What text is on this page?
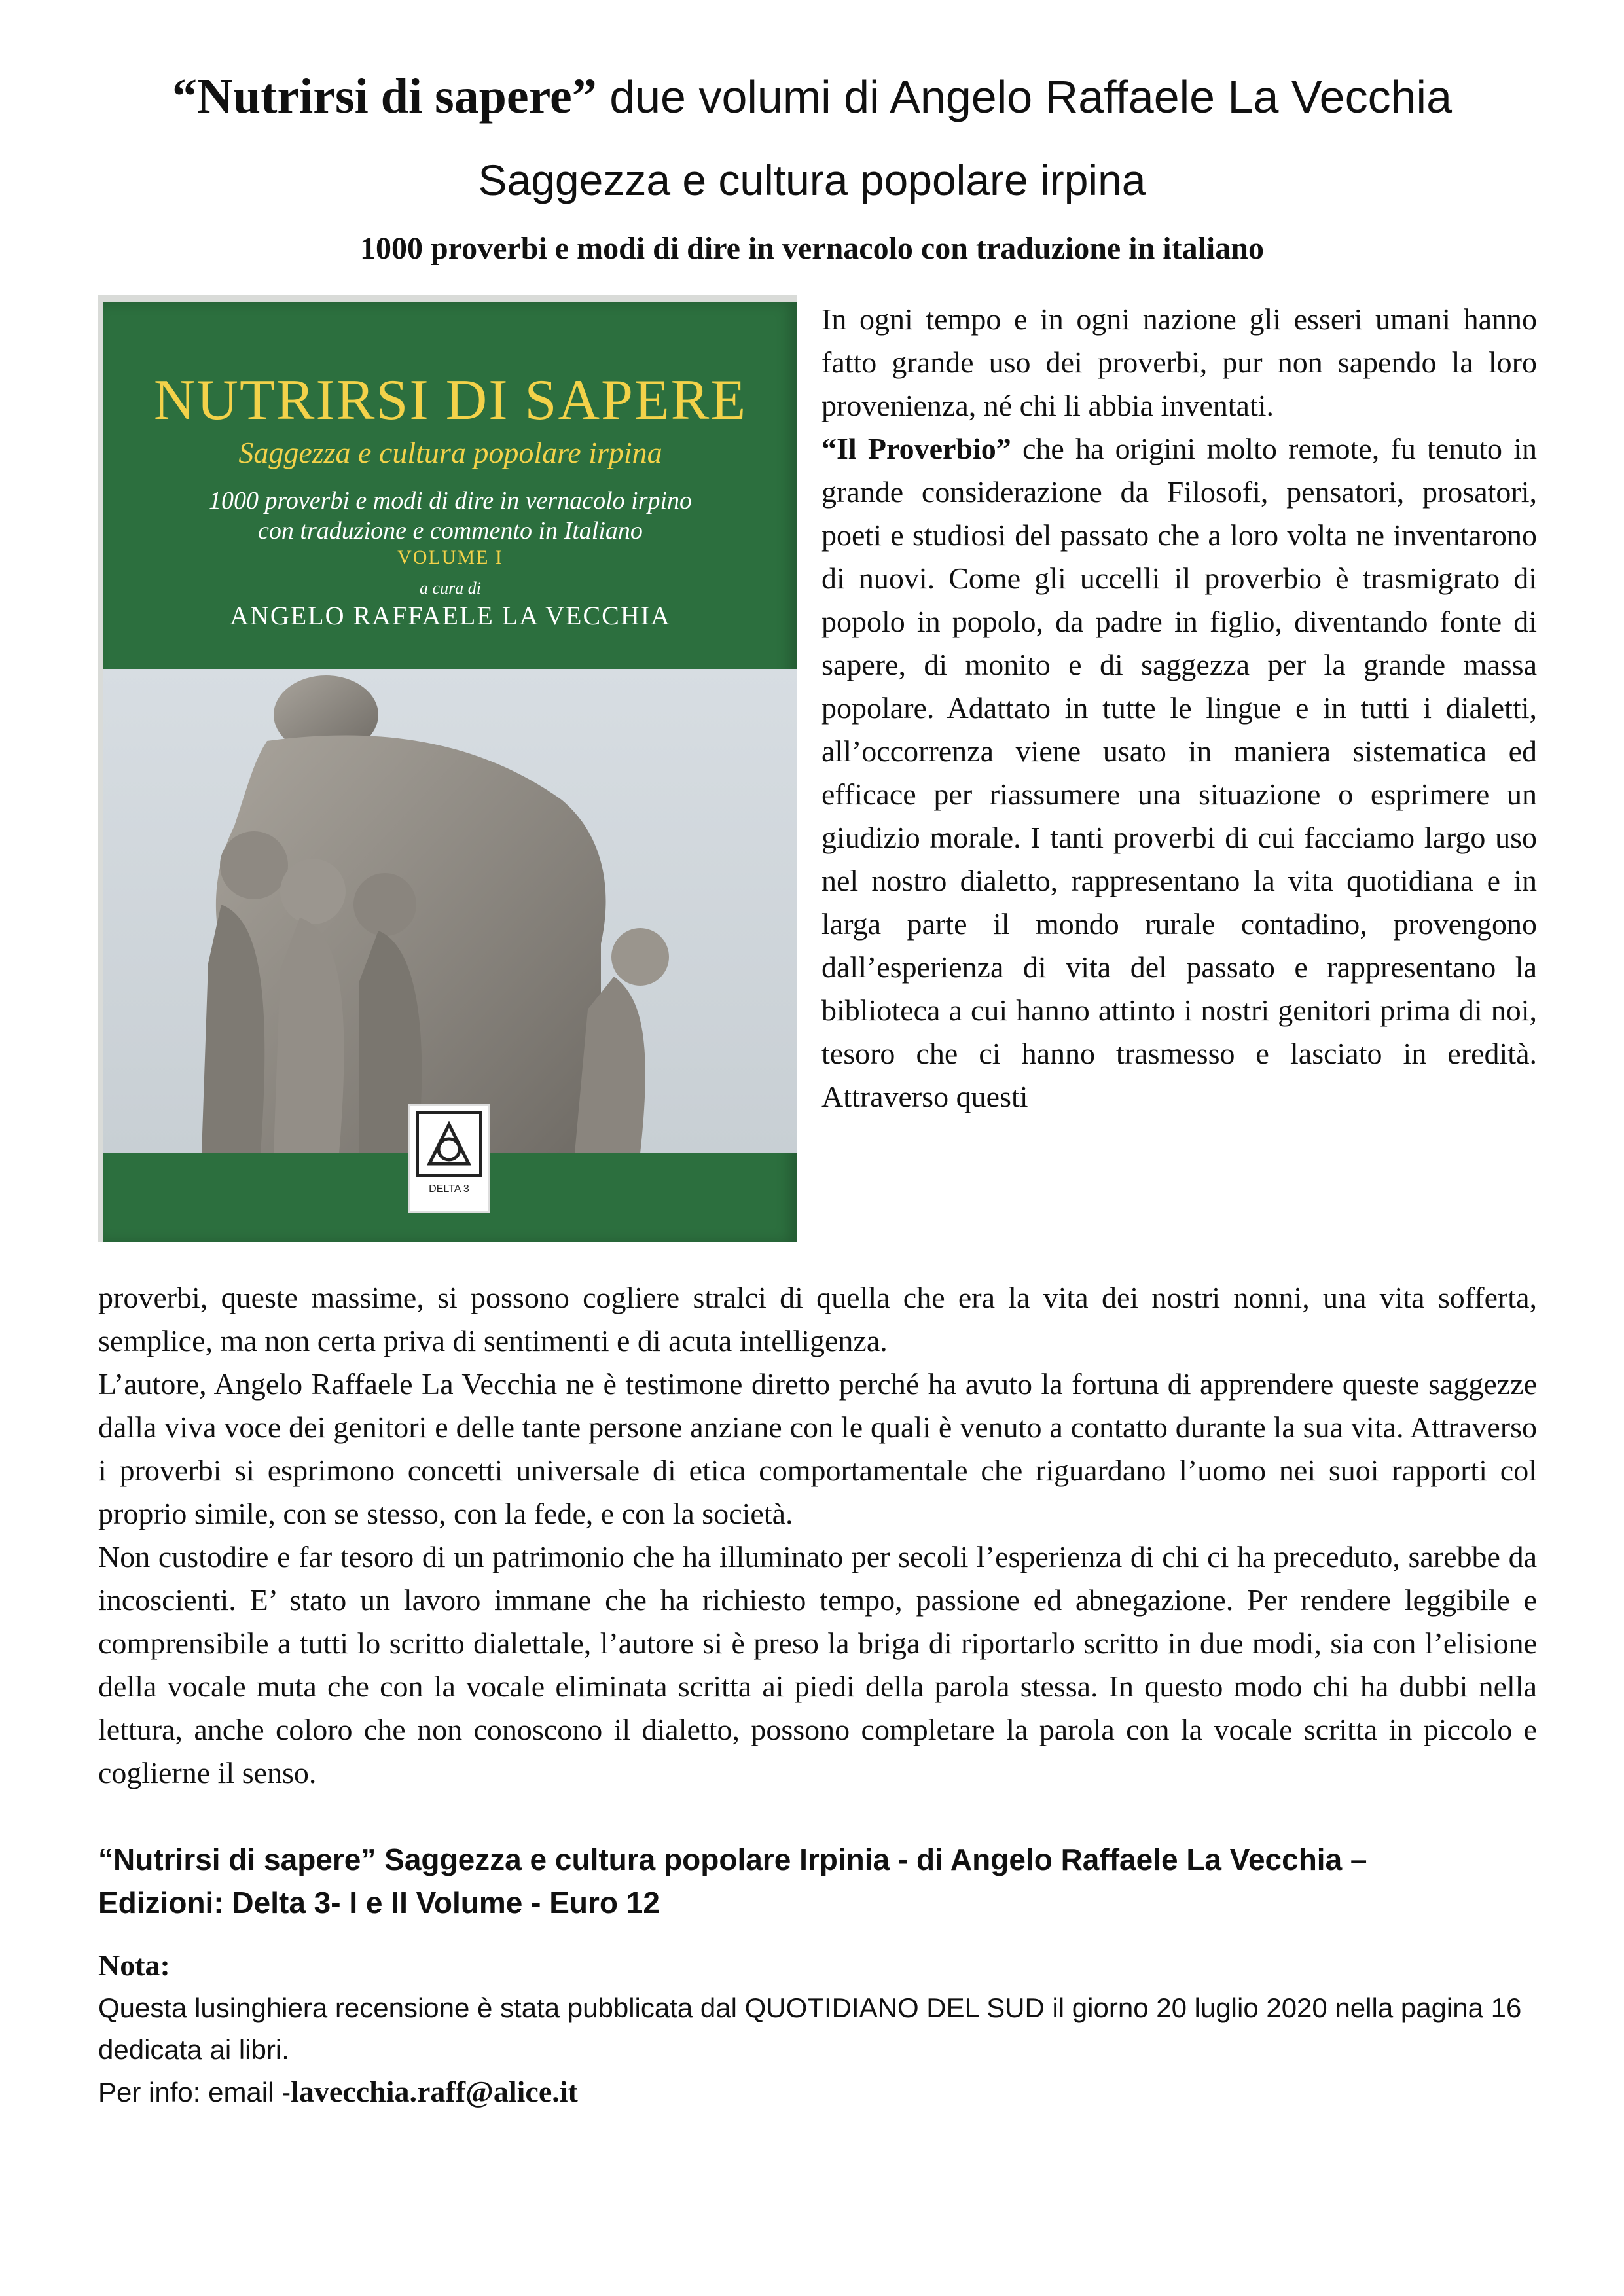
“Nutrirsi di sapere” due volumi di Angelo Raffaele La Vecchia
Saggezza e cultura popolare irpina
1000 proverbi e modi di dire in vernacolo con traduzione in italiano
NUTRIRSI DI SAPERE
Saggezza e cultura popolare irpina
1000 proverbi e modi di dire in vernacolo irpino
con traduzione e commento in Italiano
VOLUME I
a cura di
ANGELO RAFFAELE LA VECCHIA
DELTA 3

In ogni tempo e in ogni nazione gli esseri umani hanno fatto grande uso dei proverbi, pur non sapendo la loro provenienza, né chi li abbia inventati.

“Il Proverbio” che ha origini molto remote, fu tenuto in grande considerazione da Filosofi, pensatori, prosatori, poeti e studiosi del passato che a loro volta ne inventarono di nuovi. Come gli uccelli il proverbio è trasmigrato di popolo in popolo, da padre in figlio, diventando fonte di sapere, di monito e di saggezza per la grande massa popolare. Adattato in tutte le lingue e in tutti i dialetti, all’occorrenza viene usato in maniera sistematica ed efficace per riassumere una situazione o esprimere un giudizio morale. I tanti proverbi di cui facciamo largo uso nel nostro dialetto, rappresentano la vita quotidiana e in larga parte il mondo rurale contadino, provengono dall’esperienza di vita del passato e rappresentano la biblioteca a cui hanno attinto i nostri genitori prima di noi, tesoro che ci hanno trasmesso e lasciato in eredità. Attraverso questi

proverbi, queste massime, si possono cogliere stralci di quella che era la vita dei nostri nonni, una vita sofferta, semplice, ma non certa priva di sentimenti e di acuta intelligenza.

L’autore, Angelo Raffaele La Vecchia ne è testimone diretto perché ha avuto la fortuna di apprendere queste saggezze dalla viva voce dei genitori e delle tante persone anziane con le quali è venuto a contatto durante la sua vita. Attraverso i proverbi si esprimono concetti universale di etica comportamentale che riguardano l’uomo nei suoi rapporti col proprio simile, con se stesso, con la fede, e con la società.

Non custodire e far tesoro di un patrimonio che ha illuminato per secoli l’esperienza di chi ci ha preceduto, sarebbe da incoscienti. E’ stato un lavoro immane che ha richiesto tempo, passione ed abnegazione. Per rendere leggibile e comprensibile a tutti lo scritto dialettale, l’autore si è preso la briga di riportarlo scritto in due modi, sia con l’elisione della vocale muta che con la vocale eliminata scritta ai piedi della parola stessa. In questo modo chi ha dubbi nella lettura, anche coloro che non conoscono il dialetto, possono completare la parola con la vocale scritta in piccolo e coglierne il senso.

“Nutrirsi di sapere” Saggezza e cultura popolare Irpinia - di Angelo Raffaele La Vecchia –
Edizioni: Delta 3- I e II Volume - Euro 12
Nota:
Questa lusinghiera recensione è stata pubblicata dal QUOTIDIANO DEL SUD il giorno 20 luglio 2020 nella pagina 16 dedicata ai libri.
Per info: email -lavecchia.raff@alice.it
